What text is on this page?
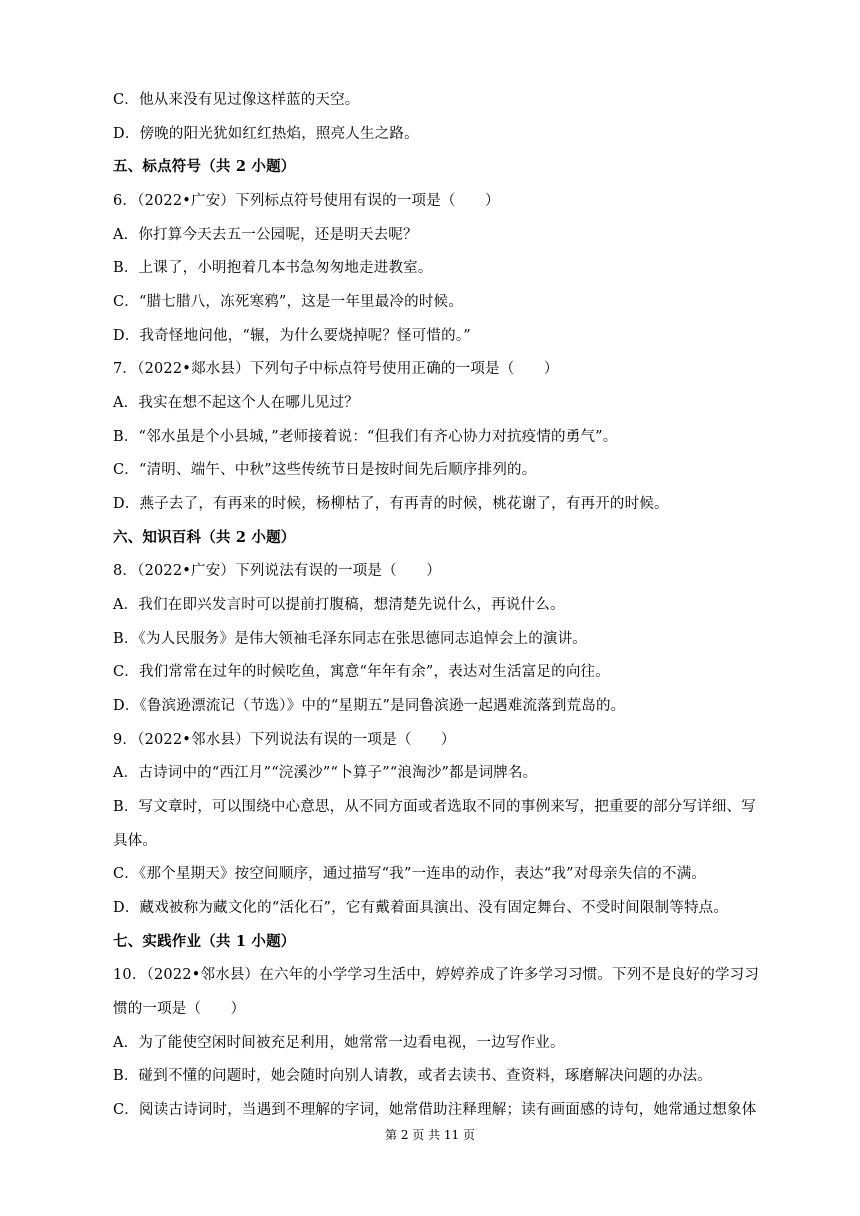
C．他从来没有见过像这样蓝的天空。
D．傍晚的阳光犹如红红热焰，照亮人生之路。
五、标点符号（共 2 小题）
6．（2022•广安）下列标点符号使用有误的一项是（　　）
A．你打算今天去五一公园呢，还是明天去呢？
B．上课了，小明抱着几本书急匆匆地走进教室。
C．“腊七腊八，冻死寒鸦”，这是一年里最冷的时候。
D．我奇怪地问他，“辗，为什么要烧掉呢？怪可惜的。”
7．（2022•郯水县）下列句子中标点符号使用正确的一项是（　　）
A．我实在想不起这个人在哪儿见过？
B．“邻水虽是个小县城，”老师接着说：“但我们有齐心协力对抗疫情的勇气”。
C．“清明、端午、中秋”这些传统节日是按时间先后顺序排列的。
D．燕子去了，有再来的时候，杨柳枯了，有再青的时候，桃花谢了，有再开的时候。
六、知识百科（共 2 小题）
8．（2022•广安）下列说法有误的一项是（　　）
A．我们在即兴发言时可以提前打腹稿，想清楚先说什么，再说什么。
B．《为人民服务》是伟大领袖毛泽东同志在张思德同志追悼会上的演讲。
C．我们常常在过年的时候吃鱼，寓意“年年有余”，表达对生活富足的向往。
D．《鲁滨逊漂流记（节选）》中的“星期五”是同鲁滨逊一起遇难流落到荒岛的。
9．（2022•邻水县）下列说法有误的一项是（　　）
A．古诗词中的“西江月”“浣溪沙”“卜算子”“浪淘沙”都是词牌名。
B．写文章时，可以围绕中心意思，从不同方面或者选取不同的事例来写，把重要的部分写详细、写
具体。
C．《那个星期天》按空间顺序，通过描写“我”一连串的动作，表达“我”对母亲失信的不满。
D．藏戏被称为藏文化的“活化石”，它有戴着面具演出、没有固定舞台、不受时间限制等特点。
七、实践作业（共 1 小题）
10．（2022•邻水县）在六年的小学学习生活中，婷婷养成了许多学习习惯。下列不是良好的学习习
惯的一项是（　　）
第 2 页 共 11 页
A．为了能使空闲时间被充足利用，她常常一边看电视，一边写作业。
B．碰到不懂的问题时，她会随时向别人请教，或者去读书、查资料，琢磨解决问题的办法。
C．阅读古诗词时，当遇到不理解的字词，她常借助注释理解；读有画面感的诗句，她常通过想象体
